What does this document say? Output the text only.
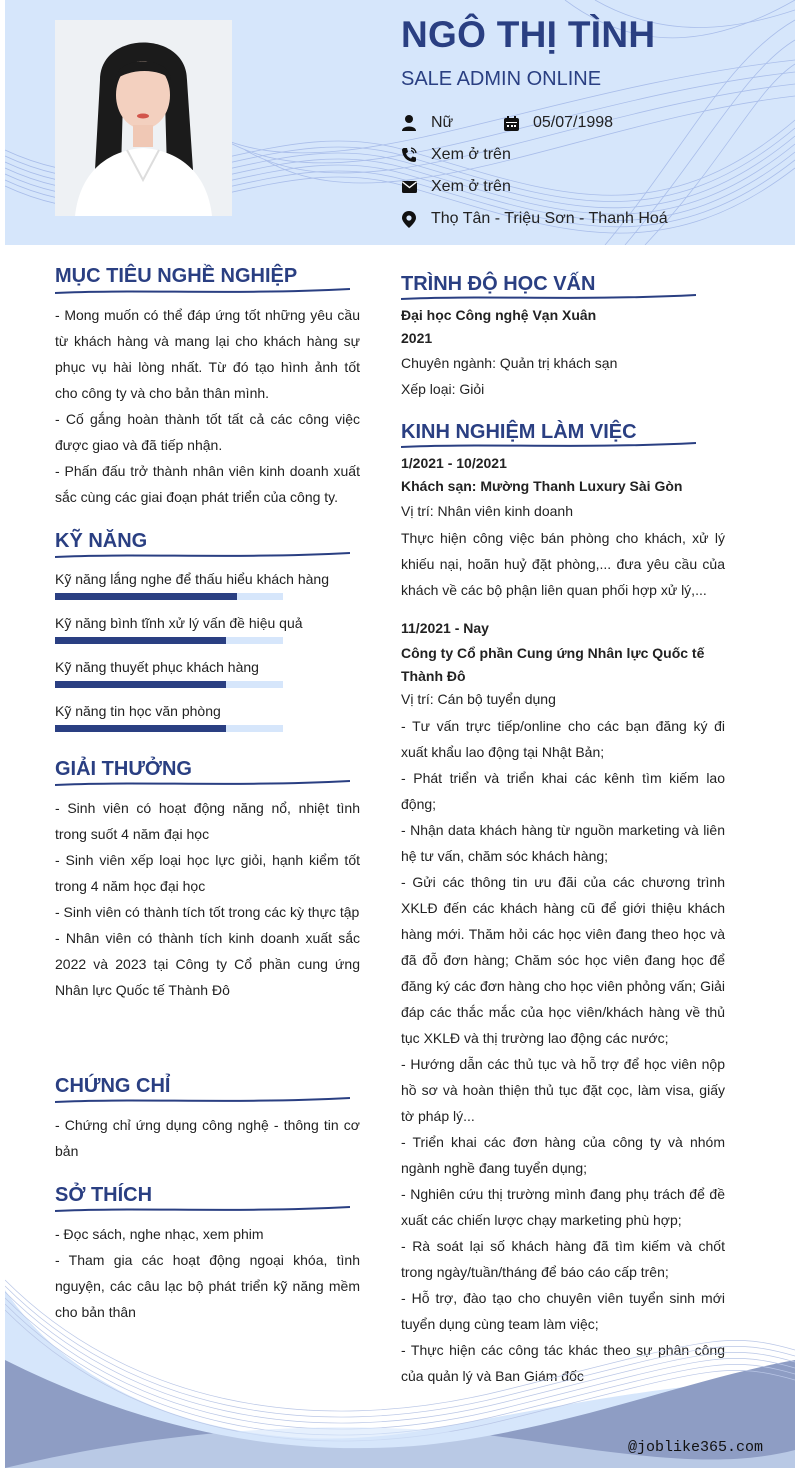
NGÔ THỊ TÌNH
SALE ADMIN ONLINE
Nữ	05/07/1998
Xem ở trên
Xem ở trên
Thọ Tân - Triệu Sơn - Thanh Hoá
MỤC TIÊU NGHỀ NGHIỆP

- Mong muốn có thể đáp ứng tốt những yêu cầu từ khách hàng và mang lại cho khách hàng sự phục vụ hài lòng nhất. Từ đó tạo hình ảnh tốt cho công ty và cho bản thân mình.

- Cố gắng hoàn thành tốt tất cả các công việc được giao và đã tiếp nhận.

- Phấn đấu trở thành nhân viên kinh doanh xuất sắc cùng các giai đoạn phát triển của công ty.

KỸ NĂNG
Kỹ năng lắng nghe để thấu hiểu khách hàng
Kỹ năng bình tĩnh xử lý vấn đề hiệu quả
Kỹ năng thuyết phục khách hàng
Kỹ năng tin học văn phòng
GIẢI THƯỞNG

- Sinh viên có hoạt động năng nổ, nhiệt tình trong suốt 4 năm đại học

- Sinh viên xếp loại học lực giỏi, hạnh kiểm tốt trong 4 năm học đại học

- Sinh viên có thành tích tốt trong các kỳ thực tập

- Nhân viên có thành tích kinh doanh xuất sắc 2022 và 2023 tại Công ty Cổ phần cung ứng Nhân lực Quốc tế Thành Đô

CHỨNG CHỈ

- Chứng chỉ ứng dụng công nghệ - thông tin cơ bản

SỞ THÍCH

- Đọc sách, nghe nhạc, xem phim

- Tham gia các hoạt động ngoại khóa, tình nguyện, các câu lạc bộ phát triển kỹ năng mềm cho bản thân

TRÌNH ĐỘ HỌC VẤN
Đại học Công nghệ Vạn Xuân
2021
Chuyên ngành: Quản trị khách sạn
Xếp loại: Giỏi
KINH NGHIỆM LÀM VIỆC
1/2021 - 10/2021
Khách sạn: Mường Thanh Luxury Sài Gòn
Vị trí: Nhân viên kinh doanh

Thực hiện công việc bán phòng cho khách, xử lý khiếu nại, hoãn huỷ đặt phòng,... đưa yêu cầu của khách về các bộ phận liên quan phối hợp xử lý,...

11/2021 - Nay
Công ty Cổ phần Cung ứng Nhân lực Quốc tế Thành Đô
Vị trí: Cán bộ tuyển dụng

- Tư vấn trực tiếp/online cho các bạn đăng ký đi xuất khẩu lao động tại Nhật Bản;

- Phát triển và triển khai các kênh tìm kiếm lao động;

- Nhận data khách hàng từ nguồn marketing và liên hệ tư vấn, chăm sóc khách hàng;

- Gửi các thông tin ưu đãi của các chương trình XKLĐ đến các khách hàng cũ để giới thiệu khách hàng mới. Thăm hỏi các học viên đang theo học và đã đỗ đơn hàng; Chăm sóc học viên đang học để đăng ký các đơn hàng cho học viên phỏng vấn; Giải đáp các thắc mắc của học viên/khách hàng về thủ tục XKLĐ và thị trường lao động các nước;

- Hướng dẫn các thủ tục và hỗ trợ để học viên nộp hồ sơ và hoàn thiện thủ tục đặt cọc, làm visa, giấy tờ pháp lý...

- Triển khai các đơn hàng của công ty và nhóm ngành nghề đang tuyển dụng;

- Nghiên cứu thị trường mình đang phụ trách để đề xuất các chiến lược chạy marketing phù hợp;

- Rà soát lại số khách hàng đã tìm kiếm và chốt trong ngày/tuần/tháng để báo cáo cấp trên;

- Hỗ trợ, đào tạo cho chuyên viên tuyển sinh mới tuyển dụng cùng team làm việc;

- Thực hiện các công tác khác theo sự phân công của quản lý và Ban Giám đốc

@joblike365.com
